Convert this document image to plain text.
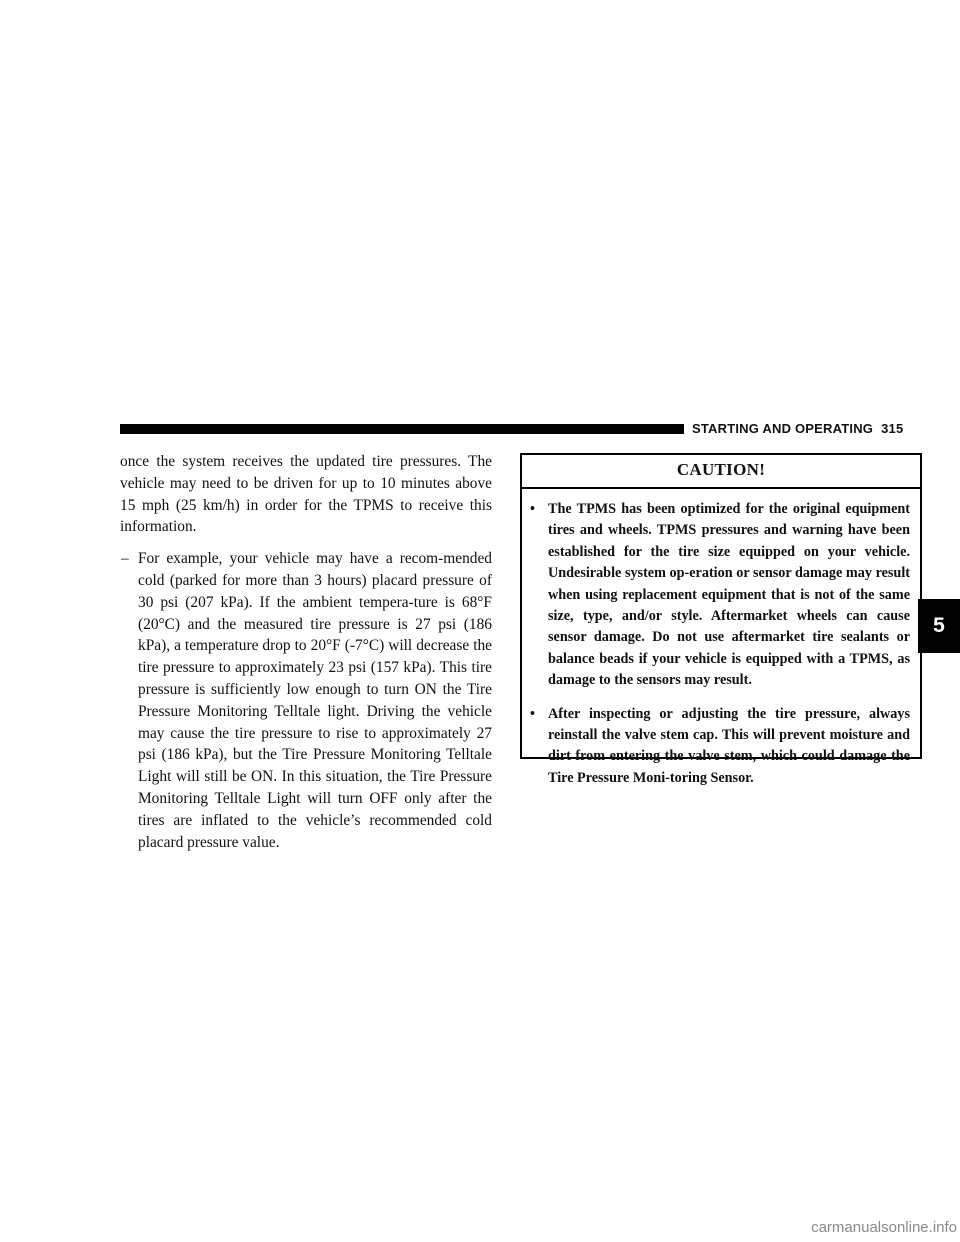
STARTING AND OPERATING 315

once the system receives the updated tire pressures. The vehicle may need to be driven for up to 10 minutes above 15 mph (25 km/h) in order for the TPMS to receive this information.

– For example, your vehicle may have a recom-mended cold (parked for more than 3 hours) placard pressure of 30 psi (207 kPa). If the ambient tempera-ture is 68°F (20°C) and the measured tire pressure is 27 psi (186 kPa), a temperature drop to 20°F (-7°C) will decrease the tire pressure to approximately 23 psi (157 kPa). This tire pressure is sufficiently low enough to turn ON the Tire Pressure Monitoring Telltale light. Driving the vehicle may cause the tire pressure to rise to approximately 27 psi (186 kPa), but the Tire Pressure Monitoring Telltale Light will still be ON. In this situation, the Tire Pressure Monitoring Telltale Light will turn OFF only after the tires are inflated to the vehicle’s recommended cold placard pressure value.
CAUTION!
• The TPMS has been optimized for the original equipment tires and wheels. TPMS pressures and warning have been established for the tire size equipped on your vehicle. Undesirable system op-eration or sensor damage may result when using replacement equipment that is not of the same size, type, and/or style. Aftermarket wheels can cause sensor damage. Do not use aftermarket tire sealants or balance beads if your vehicle is equipped with a TPMS, as damage to the sensors may result.
• After inspecting or adjusting the tire pressure, always reinstall the valve stem cap. This will prevent moisture and dirt from entering the valve stem, which could damage the Tire Pressure Moni-toring Sensor.
5
carmanualsonline.info
